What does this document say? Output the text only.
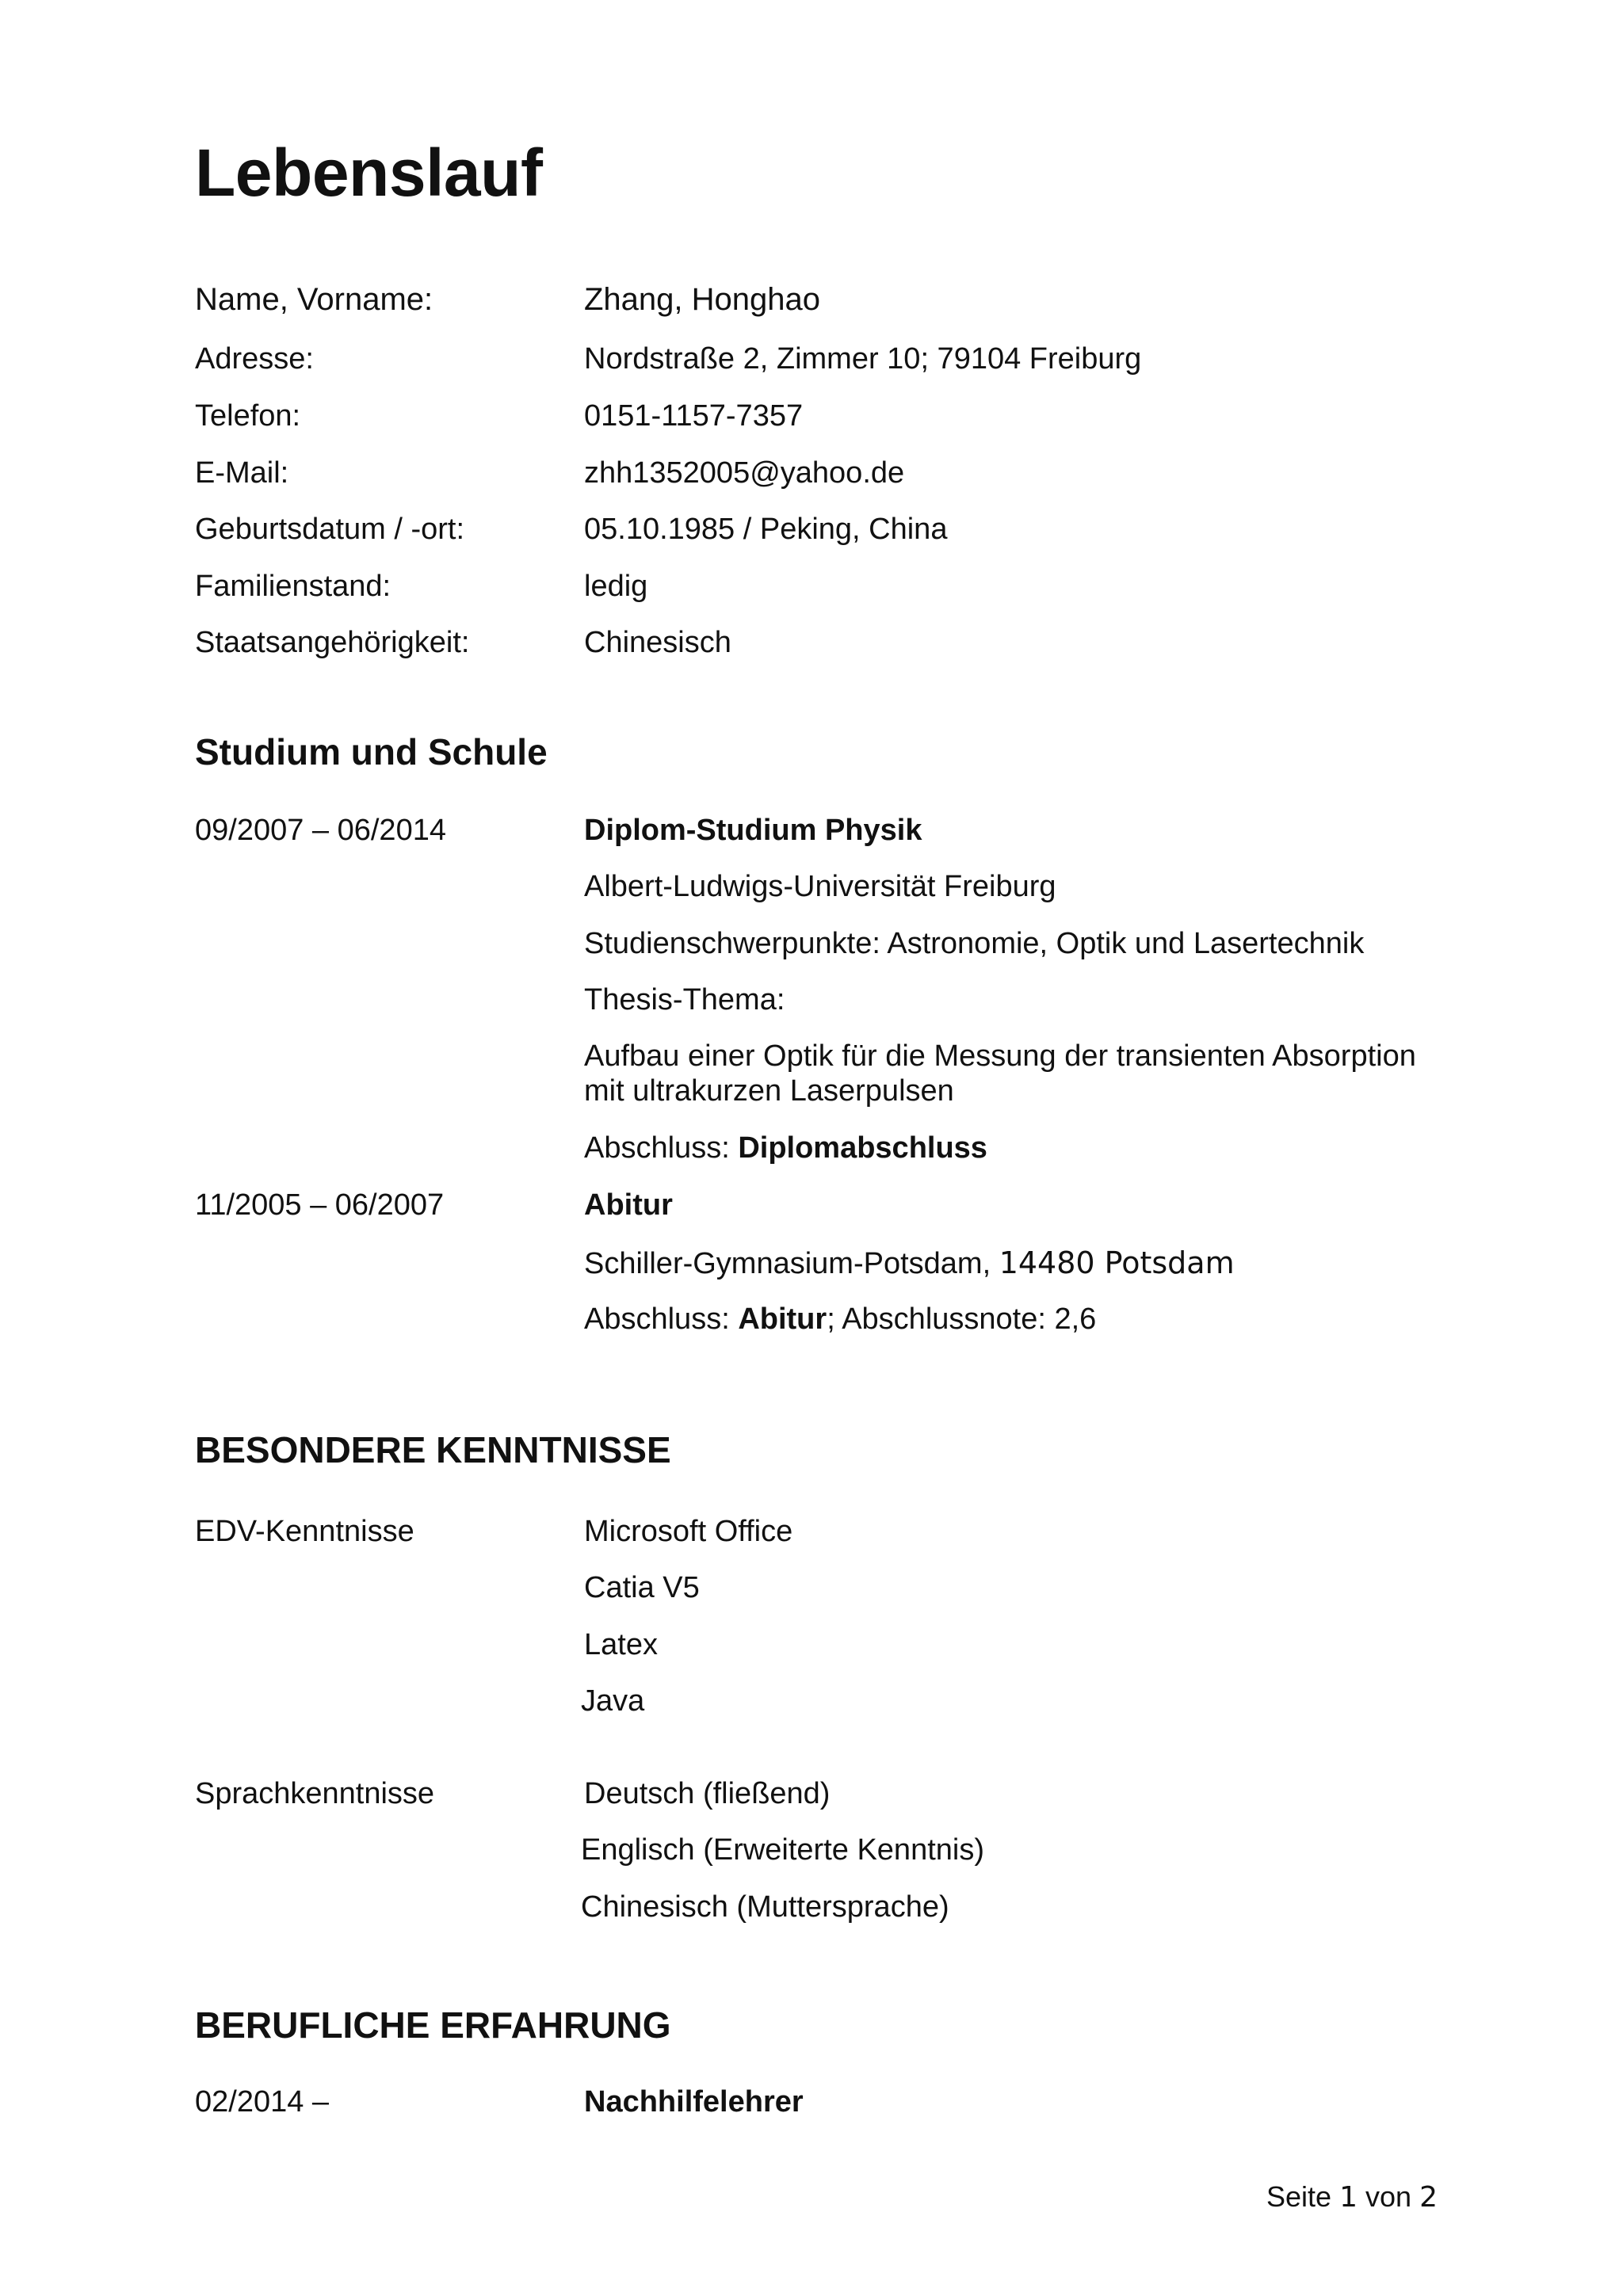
Lebenslauf
Name, Vorname:	Zhang, Honghao
Adresse:	Nordstraße 2, Zimmer 10; 79104 Freiburg
Telefon:	0151-1157-7357
E-Mail:	zhh1352005@yahoo.de
Geburtsdatum / -ort:	05.10.1985 / Peking, China
Familienstand:	ledig
Staatsangehörigkeit:	Chinesisch
Studium und Schule
09/2007 – 06/2014	Diplom-Studium Physik
Albert-Ludwigs-Universität Freiburg
Studienschwerpunkte: Astronomie, Optik und Lasertechnik
Thesis-Thema:
Aufbau einer Optik für die Messung der transienten Absorption
mit ultrakurzen Laserpulsen
Abschluss: Diplomabschluss
11/2005 – 06/2007	Abitur
Schiller-Gymnasium-Potsdam, 14480 Potsdam
Abschluss: Abitur; Abschlussnote: 2,6
BESONDERE KENNTNISSE
EDV-Kenntnisse	Microsoft Office
Catia V5
Latex
Java
Sprachkenntnisse	Deutsch (fließend)
Englisch (Erweiterte Kenntnis)
Chinesisch (Muttersprache)
BERUFLICHE ERFAHRUNG
02/2014 –	Nachhilfelehrer
Seite 1 von 2
